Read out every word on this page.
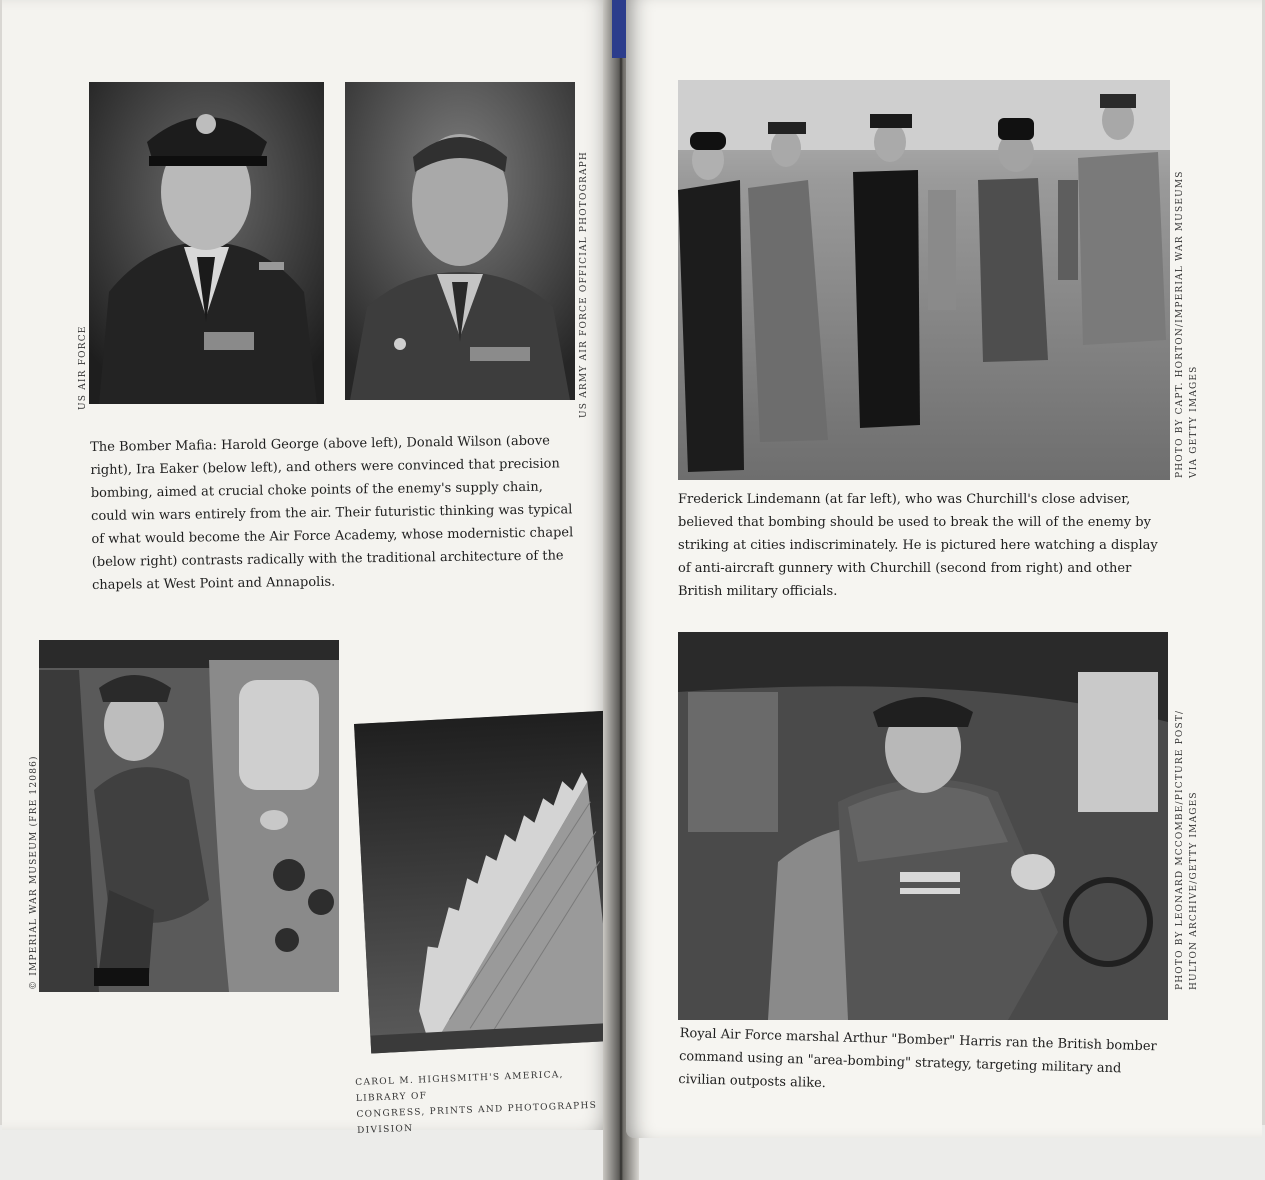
US AIR FORCE	US ARMY AIR FORCE OFFICIAL PHOTOGRAPH

The Bomber Mafia: Harold George (above left), Donald Wilson (above right), Ira Eaker (below left), and others were convinced that precision bombing, aimed at crucial choke points of the enemy's supply chain, could win wars entirely from the air. Their futuristic thinking was typical of what would become the Air Force Academy, whose modernistic chapel (below right) contrasts radically with the traditional architecture of the chapels at West Point and Annapolis.

© IMPERIAL WAR MUSEUM (FRE 12086)
CAROL M. HIGHSMITH'S AMERICA, LIBRARY OF
CONGRESS, PRINTS AND PHOTOGRAPHS DIVISION
PHOTO BY CAPT. HORTON/IMPERIAL WAR MUSEUMS VIA GETTY IMAGES

Frederick Lindemann (at far left), who was Churchill's close adviser, believed that bombing should be used to break the will of the enemy by striking at cities indiscriminately. He is pictured here watching a display of anti-aircraft gunnery with Churchill (second from right) and other British military officials.

PHOTO BY LEONARD MCCOMBE/PICTURE POST/ HULTON ARCHIVE/GETTY IMAGES

Royal Air Force marshal Arthur "Bomber" Harris ran the British bomber command using an "area-bombing" strategy, targeting military and civilian outposts alike.
